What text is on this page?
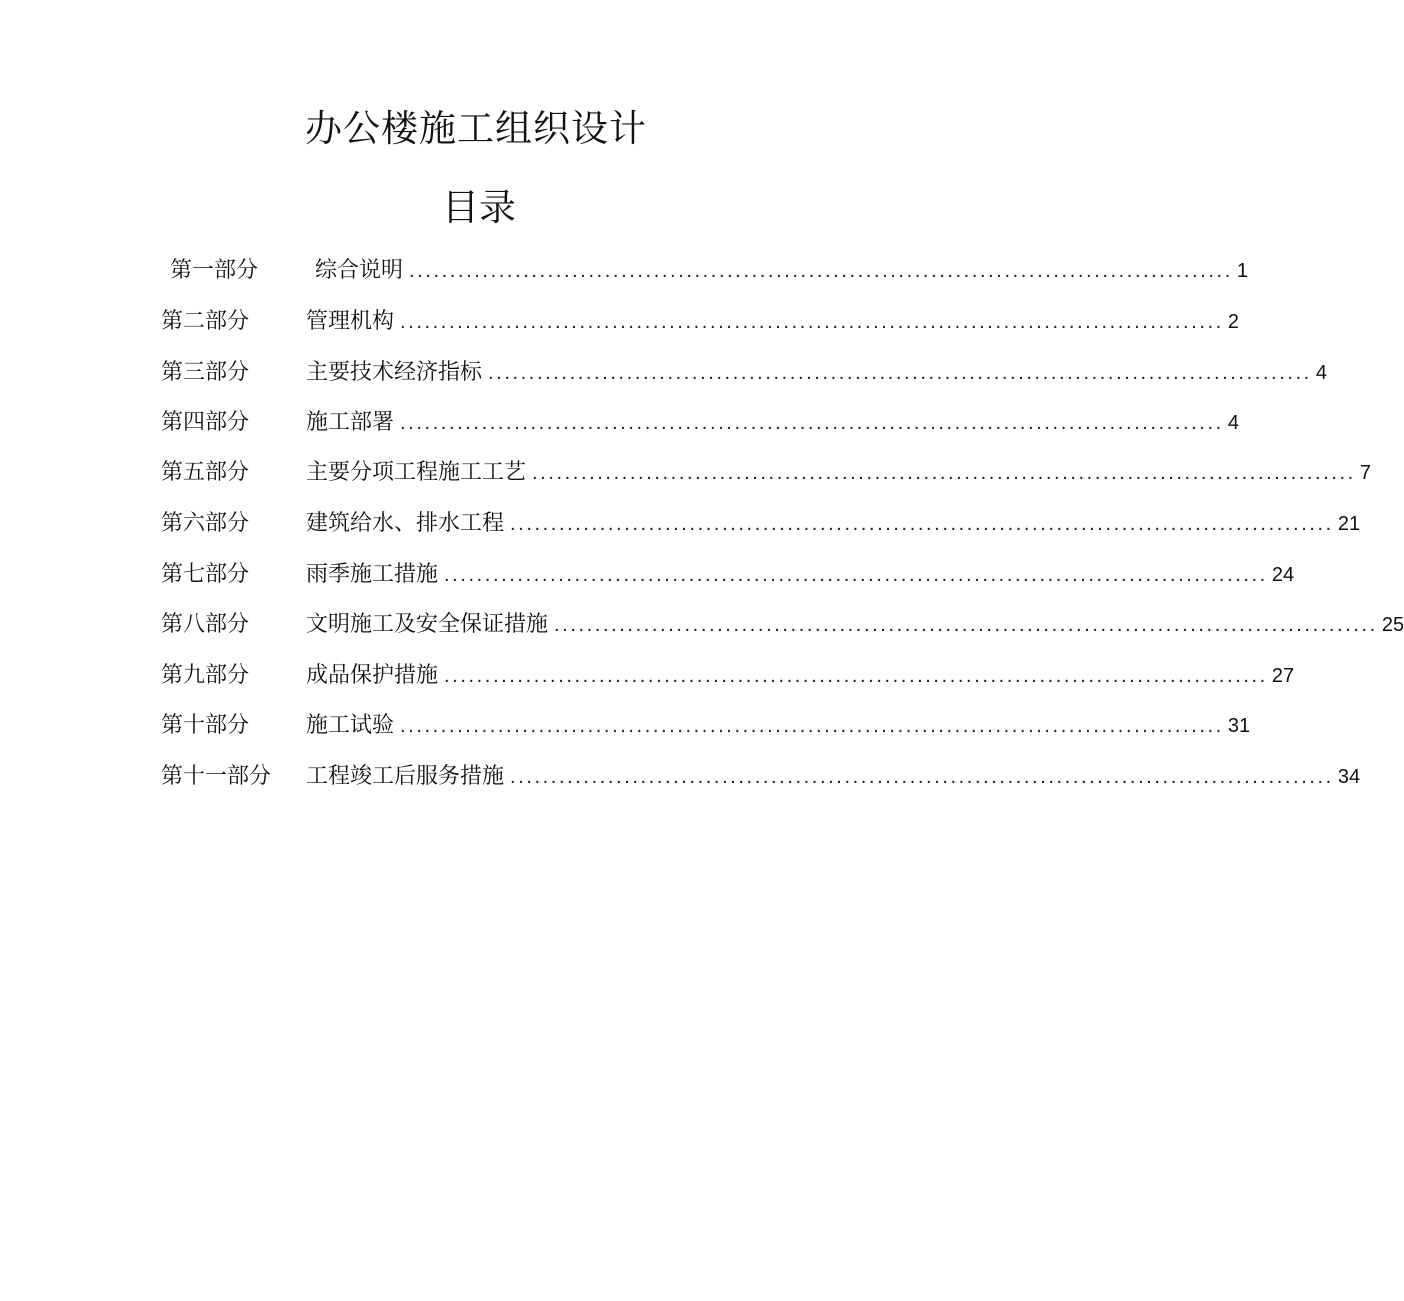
办公楼施工组织设计
目录
第一部分	综合说明 ..................................................................................................... 1
第二部分	管理机构 ..................................................................................................... 2
第三部分	主要技术经济指标 ..................................................................................................... 4
第四部分	施工部署 ..................................................................................................... 4
第五部分	主要分项工程施工工艺 ..................................................................................................... 7
第六部分	建筑给水、排水工程 ..................................................................................................... 21
第七部分	雨季施工措施 ..................................................................................................... 24
第八部分	文明施工及安全保证措施 ..................................................................................................... 25
第九部分	成品保护措施 ..................................................................................................... 27
第十部分	施工试验 ..................................................................................................... 31
第十一部分	工程竣工后服务措施 ..................................................................................................... 34
